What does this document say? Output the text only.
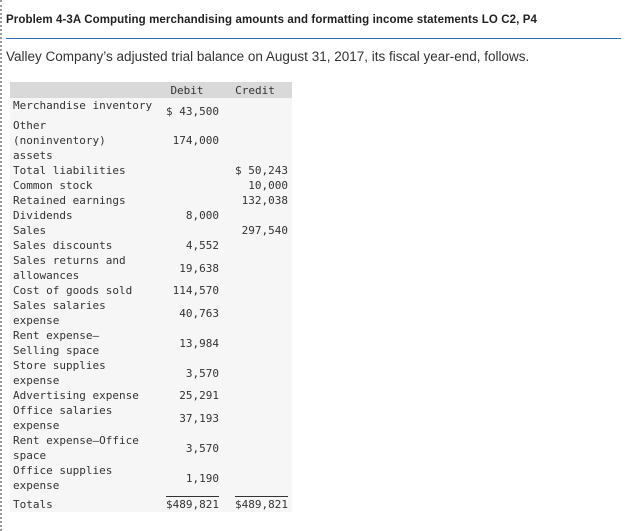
Problem 4-3A Computing merchandising amounts and formatting income statements LO C2, P4

Valley Company’s adjusted trial balance on August 31, 2017, its fiscal year-end, follows.

	Debit	Credit
Merchandise inventory	$ 43,500	

Other (noninventory) assets	174,000	
Total liabilities		$ 50,243
Common stock		10,000
Retained earnings		132,038
Dividends	8,000	
Sales		297,540
Sales discounts	4,552	
Sales returns and allowances	19,638	
Cost of goods sold	114,570	

Sales salaries expense	40,763	

Rent expense—Selling space	13,984	

Store supplies expense	3,570	
Advertising expense	25,291	

Office salaries expense	37,193	

Rent expense—Office space	3,570	

Office supplies expense	1,190	
Totals	$489,821	$489,821
